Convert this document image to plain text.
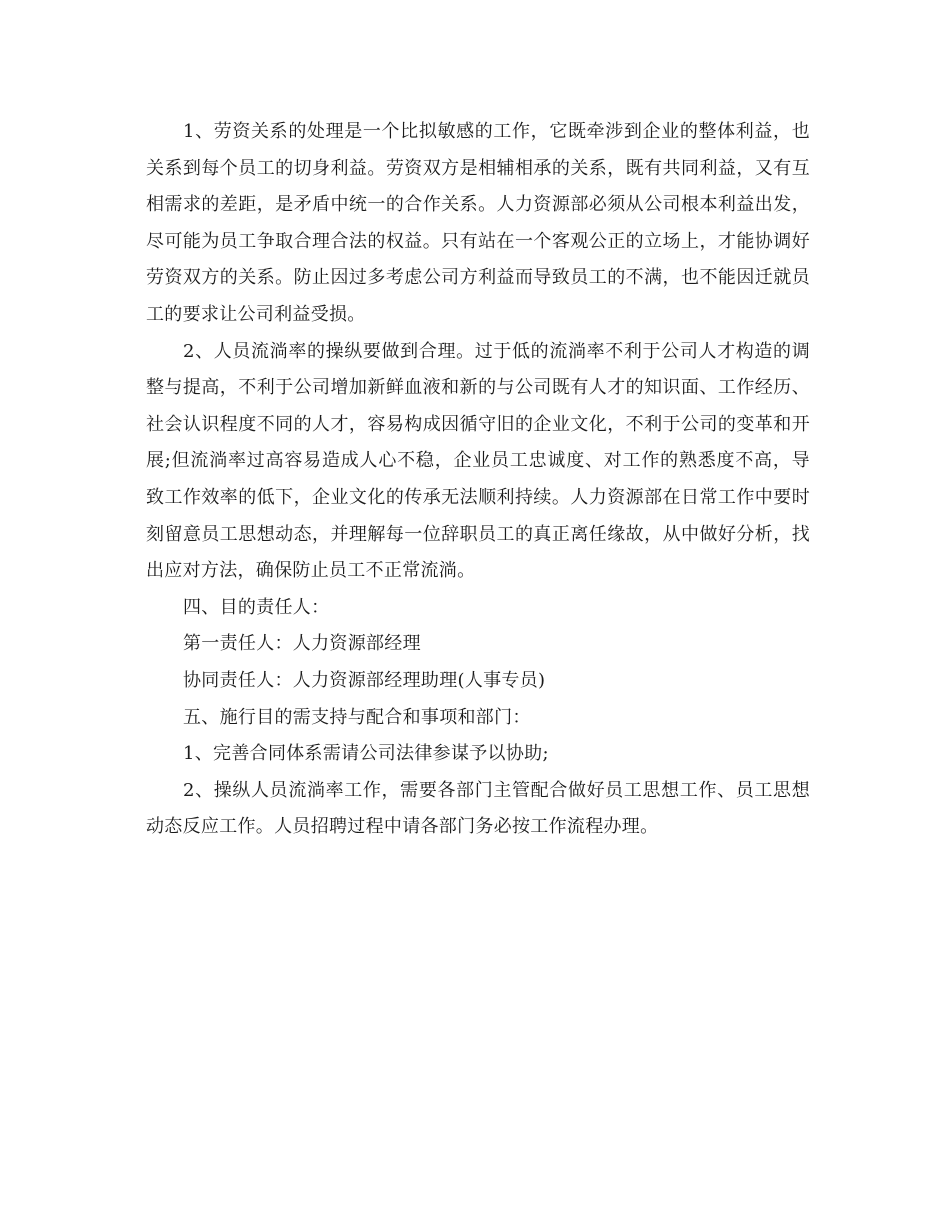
1、劳资关系的处理是一个比拟敏感的工作，它既牵涉到企业的整体利益，也关系到每个员工的切身利益。劳资双方是相辅相承的关系，既有共同利益，又有互相需求的差距，是矛盾中统一的合作关系。人力资源部必须从公司根本利益出发，尽可能为员工争取合理合法的权益。只有站在一个客观公正的立场上，才能协调好劳资双方的关系。防止因过多考虑公司方利益而导致员工的不满，也不能因迁就员工的要求让公司利益受损。

2、人员流淌率的操纵要做到合理。过于低的流淌率不利于公司人才构造的调整与提高，不利于公司增加新鲜血液和新的与公司既有人才的知识面、工作经历、社会认识程度不同的人才，容易构成因循守旧的企业文化，不利于公司的变革和开展;但流淌率过高容易造成人心不稳，企业员工忠诚度、对工作的熟悉度不高，导致工作效率的低下，企业文化的传承无法顺利持续。人力资源部在日常工作中要时刻留意员工思想动态，并理解每一位辞职员工的真正离任缘故，从中做好分析，找出应对方法，确保防止员工不正常流淌。

四、目的责任人：

第一责任人：人力资源部经理

协同责任人：人力资源部经理助理(人事专员)

五、施行目的需支持与配合和事项和部门：

1、完善合同体系需请公司法律参谋予以协助;

2、操纵人员流淌率工作，需要各部门主管配合做好员工思想工作、员工思想动态反应工作。人员招聘过程中请各部门务必按工作流程办理。
